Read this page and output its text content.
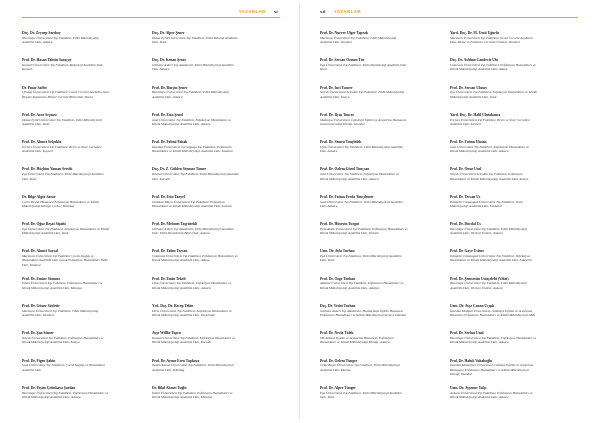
YAZARLAR xi
Doç. Dr. Zeynep Sarıboy
Hacettepe Üniversitesi Tıp Fakültesi, Tıbbi Mikrobiyoloji Anabilim Dalı, Ankara
Prof. Dr. Hasan Tahsin Saraçoy
Kocaeli Üniversitesi Tıp Fakültesi, Radyoloji Anabilim Dalı, Kocaeli
Dr. Pınar Saffet
Uludağ Üniversitesi Tıp Fakültesi, Genel Cerrahi Anabilim Dalı, Hepato-Pankreato-Biliyer Cerrahi Bilim Dalı, Bursa
Prof. Dr. Azra Seçmez
Dokuz Eylül Üniversitesi Tıp Fakültesi, Tıbbi Mikrobiyoloji Anabilim Dalı, İzmir
Prof. Dr. Ahmet Selçuklu
Erciyes Üniversitesi Tıp Fakültesi, Beyin ve Sinir Cerrahisi Anabilim Dalı, Kayseri
Prof. Dr. Hüçlüm Yaman Sertök
Ege Üniversitesi Tıp Fakültesi, Tıbbi Mikrobiyoloji Anabilim Dalı, İzmir
Dr. Bilge Algöz Sarar
Çorlu Devlet Hastanesi Enfeksiyon Hastalıkları ve Klinik Mikrobiyoloji Kliniği, Çorlu / Tekirdağ
Prof. Dr. Oğuz Reşat Sipahi
Ege Üniversitesi Tıp Fakültesi, Enfeksiyon Hastalıkları ve Klinik Mikrobiyoloji Anabilim Dalı, İzmir
Prof. Dr. Ahmet Soysal
Marmara Üniversitesi Tıp Fakültesi Çocuk Sağlığı ve Hastalıkları Anabilim Dalı Çocuk Enfeksiyon Hastalıkları Bilim Dalı, İstanbul
Prof. Dr. Emine Sönmez
İnönü Üniversitesi Tıp Fakültesi, Enfeksiyon Hastalıkları ve Klinik Mikrobiyoloji Anabilim Dalı, Malatya
Prof. Dr. Güner Söyletir
Marmara Üniversitesi Tıp Fakültesi, Tıbbi Mikrobiyoloji Anabilim Dalı, İstanbul
Prof. Dr. Şua Sümer
Selçuk Üniversitesi Tıp Fakültesi, Enfeksiyon Hastalıkları ve Klinik Mikrobiyoloji Anabilim Dalı, Konya
Prof. Dr. Figen Şahin
Gazi Üniversitesi Tıp Fakültesi, Çocuk Sağlığı ve Hastalıkları Anabilim Dalı
Prof. Dr. Yeşim Çetinkaya Şardan
Hacettepe Üniversitesi Tıp Fakültesi, Enfeksiyon Hastalıkları ve Klinik Mikrobiyoloji Anabilim Dalı, Ankara
Doç. Dr. Alper Şener
Dokuz Eylül Üniversitesi Tıp Fakültesi, Tıbbi Patoloji Anabilim Dalı, İzmir
Doç. Dr. Kenan Şener
Gülhane Askeri Tıp Akademisi, Tıbbi Mikrobiyoloji Anabilim Dalı, Ankara
Prof. Dr. Burçin Şener
Hacettepe Üniversitesi Tıp Fakültesi, Tıbbi Mikrobiyoloji Anabilim Dalı, Ankara
Prof. Dr. Esin Şenol
Gazi Üniversitesi Tıp Fakültesi, Enfeksiyon Hastalıkları ve Klinik Mikrobiyoloji Anabilim Dalı, Ankara
Prof. Dr. Fehmi Tabak
İstanbul Üniversitesi Cerrahpaşa Tıp Fakültesi, Enfeksiyon Hastalıkları ve Klinik Mikrobiyoloji Anabilim Dalı, İstanbul
Doç. Dr. Z. Gülden Sönmez Tamer
Kocaeli Üniversitesi Tıp Fakültesi, Tıbbi Mikrobiyoloji Anabilim Dalı, Kocaeli
Prof. Dr. Esin Tanyel
Ondokuz Mayıs Üniversitesi Tıp Fakültesi, Enfeksiyon Hastalıkları ve Klinik Mikrobiyoloji Anabilim Dalı, Samsun
Prof. Dr. Mehmet Taşyürekli
Gülhane Askeri Tıp Akademisi, Tıbbi Mikrobiyoloji Anabilim Dalı, Tıbbi Parazitoloji Bilim Dalı, Ankara
Prof. Dr. Yalım Tezcan
Çukurova Üniversitesi Tıp Fakültesi, Enfeksiyon Hastalıkları ve Klinik Mikrobiyoloji Anabilim Dalı, Adana
Prof. Dr. Emin Tekeli
Ufuk Üniversitesi Tıp Fakültesi, Enfeksiyon Hastalıkları ve Klinik Mikrobiyoloji Anabilim Dalı, Ankara
Yrd. Doç. Dr. Recep Tekin
Dicle Üniversitesi Tıp Fakültesi, Enfeksiyon Hastalıkları ve Klinik Mikrobiyoloji Anabilim Dalı, Diyarbakır
Ayşe Willke Topcu
Kocaeli Üniversitesi Tıp Fakültesi, Enfeksiyon Hastalıkları ve Klinik Mikrobiyoloji Anabilim Dalı, Kocaeli
Prof. Dr. Aynur Eren Topkaya
Namık Kemal Üniversitesi Tıp Fakültesi, Tıbbi Mikrobiyoloji Anabilim Dalı, Tekirdağ
Dr. Bilal Ahmet Tuğlu
İnönü Üniversitesi Tıp Fakültesi, Enfeksiyon Hastalıkları ve Klinik Mikrobiyoloji Anabilim Dalı, Malatya
xii YAZARLAR
Prof. Dr. Nurver Ülger Toprak
Marmara Üniversitesi Tıp Fakültesi, Tıbbi Mikrobiyoloji Anabilim Dalı, İstanbul
Prof. Dr. Sercan Özmen Tür
Ege Üniversitesi Tıp Fakültesi, Tıbbi Parazitoloji Anabilim Dalı, İzmir
Prof. Dr. İnci Tuncer
Selçuk Üniversitesi Selçuklu Tıp Fakültesi, Tıbbi Mikrobiyoloji Anabilim Dalı, Konya
Prof. Dr. İlyas Tuncer
Mudanya Üniversitesi, Gümüşçü Eğitim ve Araştırma Hastanesi, Gastroenteroloji Kliniği, İstanbul
Prof. Dr. Semra Tunçbilek
Ufuk Üniversitesi Tıp Fakültesi, Tıbbi Mikrobiyoloji Anabilim Dalı, Ankara
Prof. Dr. Özlem Gürol Tunçcan
Gazi Üniversitesi Tıp Fakültesi, Enfeksiyon Hastalıkları ve Klinik Mikrobiyoloji Anabilim Dalı, Ankara
Prof. Dr. Fatma Ferda Tunçdemir
Gazi Üniversitesi Tıp Fakültesi, Tıbbi Mikrobiyoloji Anabilim Dalı, Ankara
Prof. Dr. Hüseyin Turgut
Pamukkale Üniversitesi Tıp Fakültesi, Enfeksiyon Hastalıkları ve Klinik Mikrobiyoloji Anabilim Dalı, Denizli
Uzm. Dr. Ayla Turhan
Ege Üniversitesi Tıp Fakültesi, Tıbbi Mikrobiyoloji Anabilim Dalı, İzmir
Prof. Dr. Özge Turhan
Akdeniz Üniversitesi Tıp Fakültesi, Enfeksiyon Hastalıkları ve Klinik Mikrobiyoloji Anabilim Dalı, Antalya
Doç. Dr. Vedat Turhan
Gülhane Askeri Tıp Akademisi, Haydarpaşa Eğitim Hastanesi Enfeksiyon Hastalıkları ve Klinik Mikrobiyoloji Servisi, İstanbul
Prof. Dr. Necla Tülek
SB, Ankara Eğitim ve Araştırma Hastanesi, Enfeksiyon Hastalıkları ve Klinik Mikrobiyoloji Kliniği, Ankara
Prof. Dr. Özlem Tünger
Celal Bayar Üniversitesi Tıp Fakültesi, Tıbbi Mikrobiyoloji Anabilim Dalı, Manisa
Prof. Dr. Alper Tünger
Ege Üniversitesi Tıp Fakültesi, Tıbbi Mikrobiyoloji Anabilim Dalı, İzmir
Yard. Doç. Dr. M. Ümit Uğurlu
Marmara Üniversitesi Tıp Fakültesi, Genel Cerrahi Anabilim Dalı, Meme ve Endokrin Cerrahisi Ünitesi, İstanbul
Doç. Dr. Aslıhan Candevir Ulu
Çukurova Üniversitesi Tıp Fakültesi, Enfeksiyon Hastalıkları ve Klinik Mikrobiyoloji Anabilim Dalı, Adana
Prof. Dr. Sercan Ulusoy
Ege Üniversitesi Tıp Fakültesi, Enfeksiyon Hastalıkları ve Klinik Mikrobiyoloji Anabilim Dalı, İzmir
Yard. Doç. Dr. Halil Ulutabanca
Erciyes Üniversitesi Tıp Fakültesi, Beyin ve Sinir Cerrahisi Anabilim Dalı, Kayseri
Prof. Dr. Fatma Ulutan
Gazi Üniversitesi Tıp Fakültesi, Enfeksiyon Hastalıkları ve Klinik Mikrobiyoloji Anabilim Dalı, Ankara
Prof. Dr. Onur Ural
Selçuk Üniversitesi Selçuklu Tıp Fakültesi, Enfeksiyon Hastalıkları ve Klinik Mikrobiyoloji Anabilim Dalı, Konya
Prof. Dr. Tercan Us
Eskişehir Osmangazi Üniversitesi Tıp Fakültesi, Tıbbi Mikrobiyoloji Anabilim Dalı, Eskişehir
Prof. Dr. Dürdal Us
Hacettepe Üniversitesi Tıp Fakültesi, Tıbbi Mikrobiyoloji Anabilim Dalı, Viroloji Ünitesi, Ankara
Prof. Dr. Gaye Usluer
Eskişehir Osmangazi Üniversitesi Tıp Fakültesi, Enfeksiyon Hastalıkları ve Klinik Mikrobiyoloji Anabilim Dalı, Eskişehir
Prof. Dr. Şemsettin Ustaçelebi (Vefat)
Hacettepe Üniversitesi Tıp Fakültesi, Tıbbi Mikrobiyoloji Anabilim Dalı, Viroloji Ünitesi, Ankara
Uzm. Dr. Ayşe Canan Uçışık
İstanbul Medipol Üniversitesi, Gümüşçü Eğitim ve Araştırma Hastanesi Enfeksiyon Hastalıkları ve Klinik Mikrobiyoloji ABD
Prof. Dr. Serhat Ünal
Hacettepe Üniversitesi Tıp Fakültesi, Enfeksiyon Hastalıkları ve Klinik Mikrobiyoloji Anabilim Dalı, Ankara
Prof. Dr. Haluk Vahaboğlu
İstanbul Medeniyet Üniversitesi, Göztepe Eğitim ve Araştırma Hastanesi, Enfeksiyon Hastalıkları ve Klinik Mikrobiyoloji Kliniği, İstanbul
Uzm. Dr. Ayşenur Yalçı
Ankara Üniversitesi Tıp Fakültesi, Enfeksiyon Hastalıkları ve Klinik Mikrobiyoloji Anabilim Dalı, Ankara
